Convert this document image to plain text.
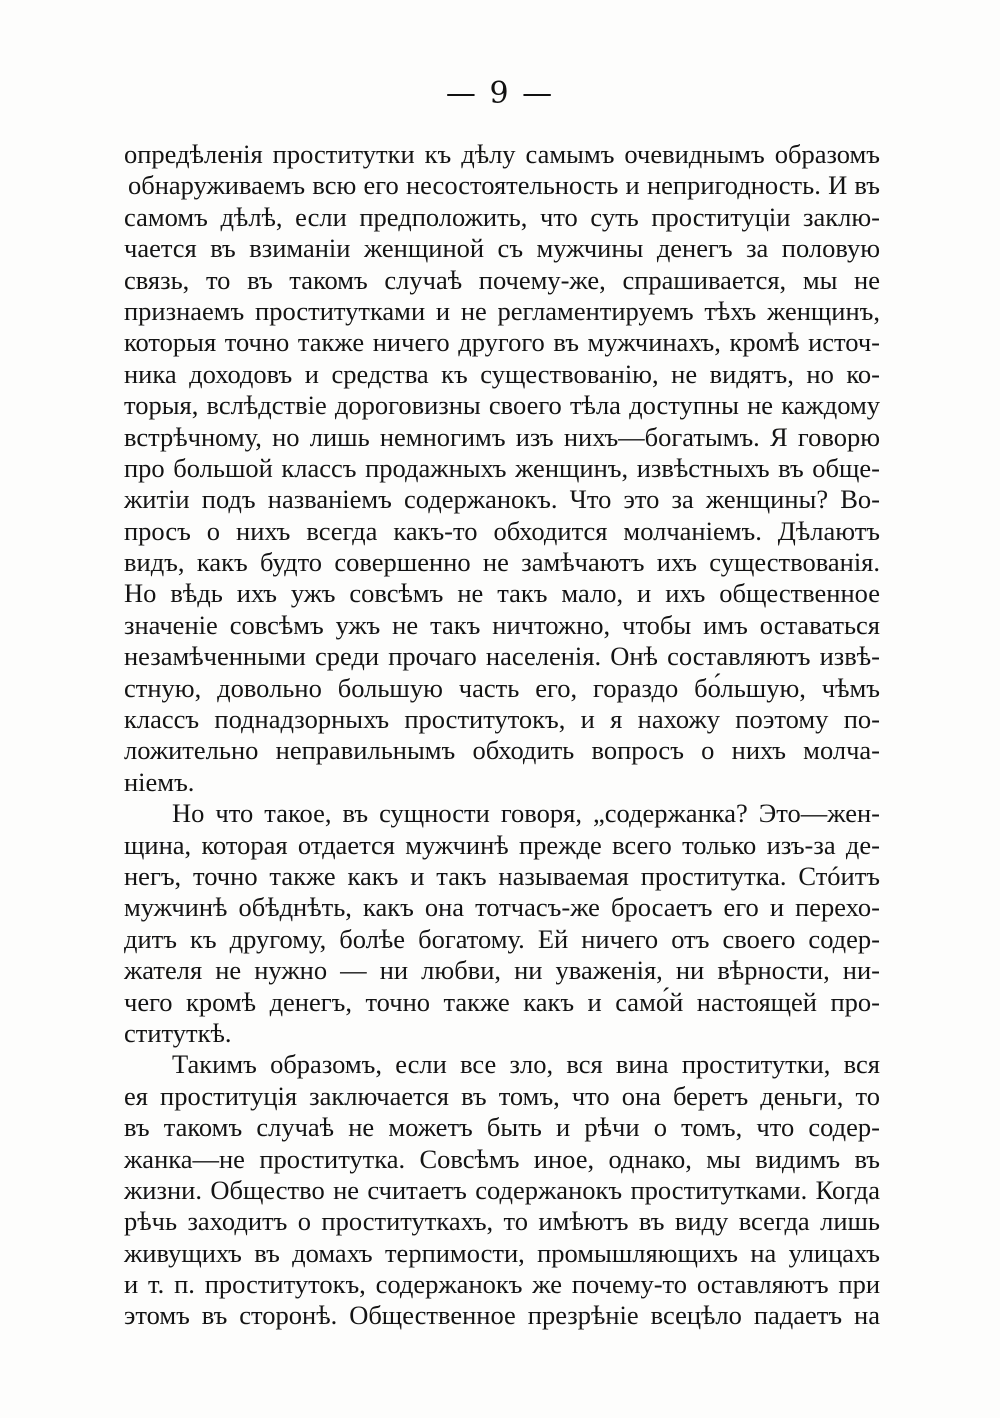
— 9 —
опредѣленія проститутки къ дѣлу самымъ очевиднымъ образомъ
обнаруживаемъ всю его несостоятельность и непригодность. И въ
самомъ дѣлѣ, если предположить, что суть проституціи заклю-
чается въ взиманіи женщиной съ мужчины денегъ за половую
связь, то въ такомъ случаѣ почему-же, спрашивается, мы не
признаемъ проститутками и не регламентируемъ тѣхъ женщинъ,
которыя точно также ничего другого въ мужчинахъ, кромѣ источ-
ника доходовъ и средства къ существованію, не видятъ, но ко-
торыя, вслѣдствіе дороговизны своего тѣла доступны не каждому
встрѣчному, но лишь немногимъ изъ нихъ—богатымъ. Я говорю
про большой классъ продажныхъ женщинъ, извѣстныхъ въ обще-
житіи подъ названіемъ содержанокъ. Что это за женщины? Во-
просъ о нихъ всегда какъ-то обходится молчаніемъ. Дѣлаютъ
видъ, какъ будто совершенно не замѣчаютъ ихъ существованія.
Но вѣдь ихъ ужъ совсѣмъ не такъ мало, и ихъ общественное
значеніе совсѣмъ ужъ не такъ ничтожно, чтобы имъ оставаться
незамѣченными среди прочаго населенія. Онѣ составляютъ извѣ-
стную, довольно большую часть его, гораздо бо́льшую, чѣмъ
классъ поднадзорныхъ проститутокъ, и я нахожу поэтому по-
ложительно неправильнымъ обходить вопросъ о нихъ молча-
ніемъ.
Но что такое, въ сущности говоря, „содержанка? Это—жен-
щина, которая отдается мужчинѣ прежде всего только изъ-за де-
негъ, точно также какъ и такъ называемая проститутка. Стóитъ
мужчинѣ обѣднѣть, какъ она тотчасъ-же бросаетъ его и перехо-
дитъ къ другому, болѣе богатому. Ей ничего отъ своего содер-
жателя не нужно — ни любви, ни уваженія, ни вѣрности, ни-
чего кромѣ денегъ, точно также какъ и само́й настоящей про-
ституткѣ.
Такимъ образомъ, если все зло, вся вина проститутки, вся
ея проституція заключается въ томъ, что она беретъ деньги, то
въ такомъ случаѣ не можетъ быть и рѣчи о томъ, что содер-
жанка—не проститутка. Совсѣмъ иное, однако, мы видимъ въ
жизни. Общество не считаетъ содержанокъ проститутками. Когда
рѣчь заходитъ о проституткахъ, то имѣютъ въ виду всегда лишь
живущихъ въ домахъ терпимости, промышляющихъ на улицахъ
и т. п. проститутокъ, содержанокъ же почему-то оставляютъ при
этомъ въ сторонѣ. Общественное презрѣніе всецѣло падаетъ на
